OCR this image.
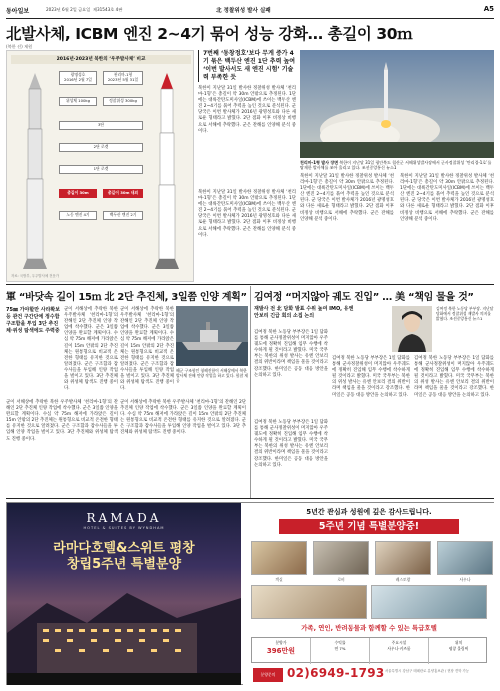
동아일보	2023년 6월 2일 금요일 제31543호 4판	北 정찰위성 발사 실패	A5
北발사체, ICBM 엔진 2~4기 묶어 성능 강화… 총길이 30ｍ
(북한 선) 제원
2016년·2023년 북한의 ‘우주발사체’ 비교
광명성호
2016년 2월 7일
천리마-1형
2023년 5월 31일
위성체 100kg	정찰위성 300kg
3단
2단 로켓
1단 로켓
총길이 30m	총길이 30m 내외
노동 엔진 4기	백두산 엔진 2기
자료: 국방부, 우주발사체 전문가
7번째 ‘동창정호’보다 무게 증가 4기 묶은 백두산 엔진 1단 추력 높여 ‘이번 발사서도 새 엔진 시험’ 기술력 부족한 듯
북한이 지난달 31일 발사한 정찰위성 발사체 ‘천리마-1형’은 총길이 약 30m 안팎으로 추정된다. 1단에는 대륙간탄도미사일(ICBM)에 쓰이는 백두산 엔진 2~4기를 묶어 추력을 높인 것으로 분석된다. 군 당국은 이번 발사체가 2016년 광명성호와 다른 새로운 형태라고 밝혔다. 2단 점화 이후 비정상 비행으로 서해에 추락했다. 군은 잔해를 인양해 분석 중이다.
천리마-1형 발사 장면 북한이 지난달 31일 평안북도 철산군 서해위성발사장에서 군사정찰위성 ‘만리경-1호’를 탑재한 발사체를 쏘아 올리고 있다. 조선중앙통신 뉴스1
북한이 지난달 31일 발사한 정찰위성 발사체 ‘천리마-1형’은 총길이 약 30m 안팎으로 추정된다. 1단에는 대륙간탄도미사일(ICBM)에 쓰이는 백두산 엔진 2~4기를 묶어 추력을 높인 것으로 분석된다. 군 당국은 이번 발사체가 2016년 광명성호와 다른 새로운 형태라고 밝혔다. 2단 점화 이후 비정상 비행으로 서해에 추락했다. 군은 잔해를 인양해 분석 중이다.
북한이 지난달 31일 발사한 정찰위성 발사체 ‘천리마-1형’은 총길이 약 30m 안팎으로 추정된다. 1단에는 대륙간탄도미사일(ICBM)에 쓰이는 백두산 엔진 2~4기를 묶어 추력을 높인 것으로 분석된다. 군 당국은 이번 발사체가 2016년 광명성호와 다른 새로운 형태라고 밝혔다. 2단 점화 이후 비정상 비행으로 서해에 추락했다. 군은 잔해를 인양해 분석 중이다.
북한이 지난달 31일 발사한 정찰위성 발사체 ‘천리마-1형’은 총길이 약 30m 안팎으로 추정된다. 1단에는 대륙간탄도미사일(ICBM)에 쓰이는 백두산 엔진 2~4기를 묶어 추력을 높인 것으로 분석된다. 군 당국은 이번 발사체가 2016년 광명성호와 다른 새로운 형태라고 밝혔다. 2단 점화 이후 비정상 비행으로 서해에 추락했다. 군은 잔해를 인양해 분석 중이다.
軍 “바닷속 길이 15ｍ 北 2단 추진체, 3일쯤 인양 계획”
75㎜ 가야할만 사라확보 등 관건 구간단에 정수함구조함을 투입 3단 추진체·위성 탐색에도 주력중
군이 서해상에 추락한 북한 우주발사체 ‘천리마-1형’의 잔해인 2단 추진체 인양 작업에 착수했다. 군은 3일쯤 인양을 완료할 계획이다. 수심 약 75m 해저에 가라앉은 길이 15m 안팎의 2단 추진체는 원통형으로 비교적 온전한 형태를 유지한 것으로 알려졌다. 군은 구조함과 잠수사들을 투입해 인양 작업을 벌이고 있다. 3단 추진체와 위성체 탐색도 진행 중이다.
군이 서해상에 추락한 북한 우주발사체 ‘천리마-1형’의 잔해인 2단 추진체 인양 작업에 착수했다. 군은 3일쯤 인양을 완료할 계획이다. 수심 약 75m 해저에 가라앉은 길이 15m 안팎의 2단 추진체는 원통형으로 비교적 온전한 형태를 유지한 것으로 알려졌다. 군은 구조함과 잠수사들을 투입해 인양 작업을 벌이고 있다. 3단 추진체와 위성체 탐색도 진행 중이다.
군이 서해상에 추락한 북한 우주발사체 ‘천리마-1형’의 잔해인 2단 추진체 인양 작업에 착수했다. 군은 3일쯤 인양을 완료할 계획이다. 수심 약 75m 해저에 가라앉은 길이 15m 안팎의 2단 추진체는 원통형으로 비교적 온전한 형태를 유지한 것으로 알려졌다. 군은 구조함과 잠수사들을 투입해 인양 작업을 벌이고 있다. 3단 추진체와 위성체 탐색도 진행 중이다.
군이 서해상에 추락한 북한 우주발사체 ‘천리마-1형’의 잔해인 2단 추진체 인양 작업에 착수했다. 군은 3일쯤 인양을 완료할 계획이다. 수심 약 75m 해저에 가라앉은 길이 15m 안팎의 2단 추진체는 원통형으로 비교적 온전한 형태를 유지한 것으로 알려졌다. 군은 구조함과 잠수사들을 투입해 인양 작업을 벌이고 있다. 3단 추진체와 위성체 탐색도 진행 중이다.
해군 구조함인 청해진함이 서해상에서 북한 발사체 잔해 인양 작업을 하고 있다. 합참 제공
김여정 “머지않아 궤도 진입” … 美 “책임 물을 것”
재발사 전 北 담화 발표 수위 높여 IMO, 유엔 안보리 긴급 회의 소집 논의
김여정 북한 노동당 부부장. 지난달 담화에서 정찰위성 재발사 의지를 밝혔다. 조선중앙통신 뉴스1
김여정 북한 노동당 부부장은 1일 담화를 통해 군사정찰위성이 머지않아 우주궤도에 정확히 진입해 임무 수행에 착수하게 될 것이라고 밝혔다. 미국 국무부는 북한의 위성 발사는 유엔 안보리 결의 위반이라며 책임을 물을 것이라고 강조했다. 한미일은 공동 대응 방안을 논의하고 있다.
김여정 북한 노동당 부부장은 1일 담화를 통해 군사정찰위성이 머지않아 우주궤도에 정확히 진입해 임무 수행에 착수하게 될 것이라고 밝혔다. 미국 국무부는 북한의 위성 발사는 유엔 안보리 결의 위반이라며 책임을 물을 것이라고 강조했다. 한미일은 공동 대응 방안을 논의하고 있다.
김여정 북한 노동당 부부장은 1일 담화를 통해 군사정찰위성이 머지않아 우주궤도에 정확히 진입해 임무 수행에 착수하게 될 것이라고 밝혔다. 미국 국무부는 북한의 위성 발사는 유엔 안보리 결의 위반이라며 책임을 물을 것이라고 강조했다. 한미일은 공동 대응 방안을 논의하고 있다.
김여정 북한 노동당 부부장은 1일 담화를 통해 군사정찰위성이 머지않아 우주궤도에 정확히 진입해 임무 수행에 착수하게 될 것이라고 밝혔다. 미국 국무부는 북한의 위성 발사는 유엔 안보리 결의 위반이라며 책임을 물을 것이라고 강조했다. 한미일은 공동 대응 방안을 논의하고 있다.
RAMADA
HOTEL & SUITES BY WYNDHAM
라마다호텔&스위트 평창
창립5주년 특별분양
5년간 관심과 성원에 깊은 감사드립니다.
5주년 기념 특별분양중!
객실	로비	레스토랑	사우나
가족, 연인, 반려동물과 함께할 수 있는 특급호텔
분양가
396만원
수익률
연 7%
주요시설
사우나·키즈룸
위치
평창 올림픽
분양문의 02)6949-1793 서울특별시 강남구 테헤란로 분양홍보관 / 현장 견학 가능
